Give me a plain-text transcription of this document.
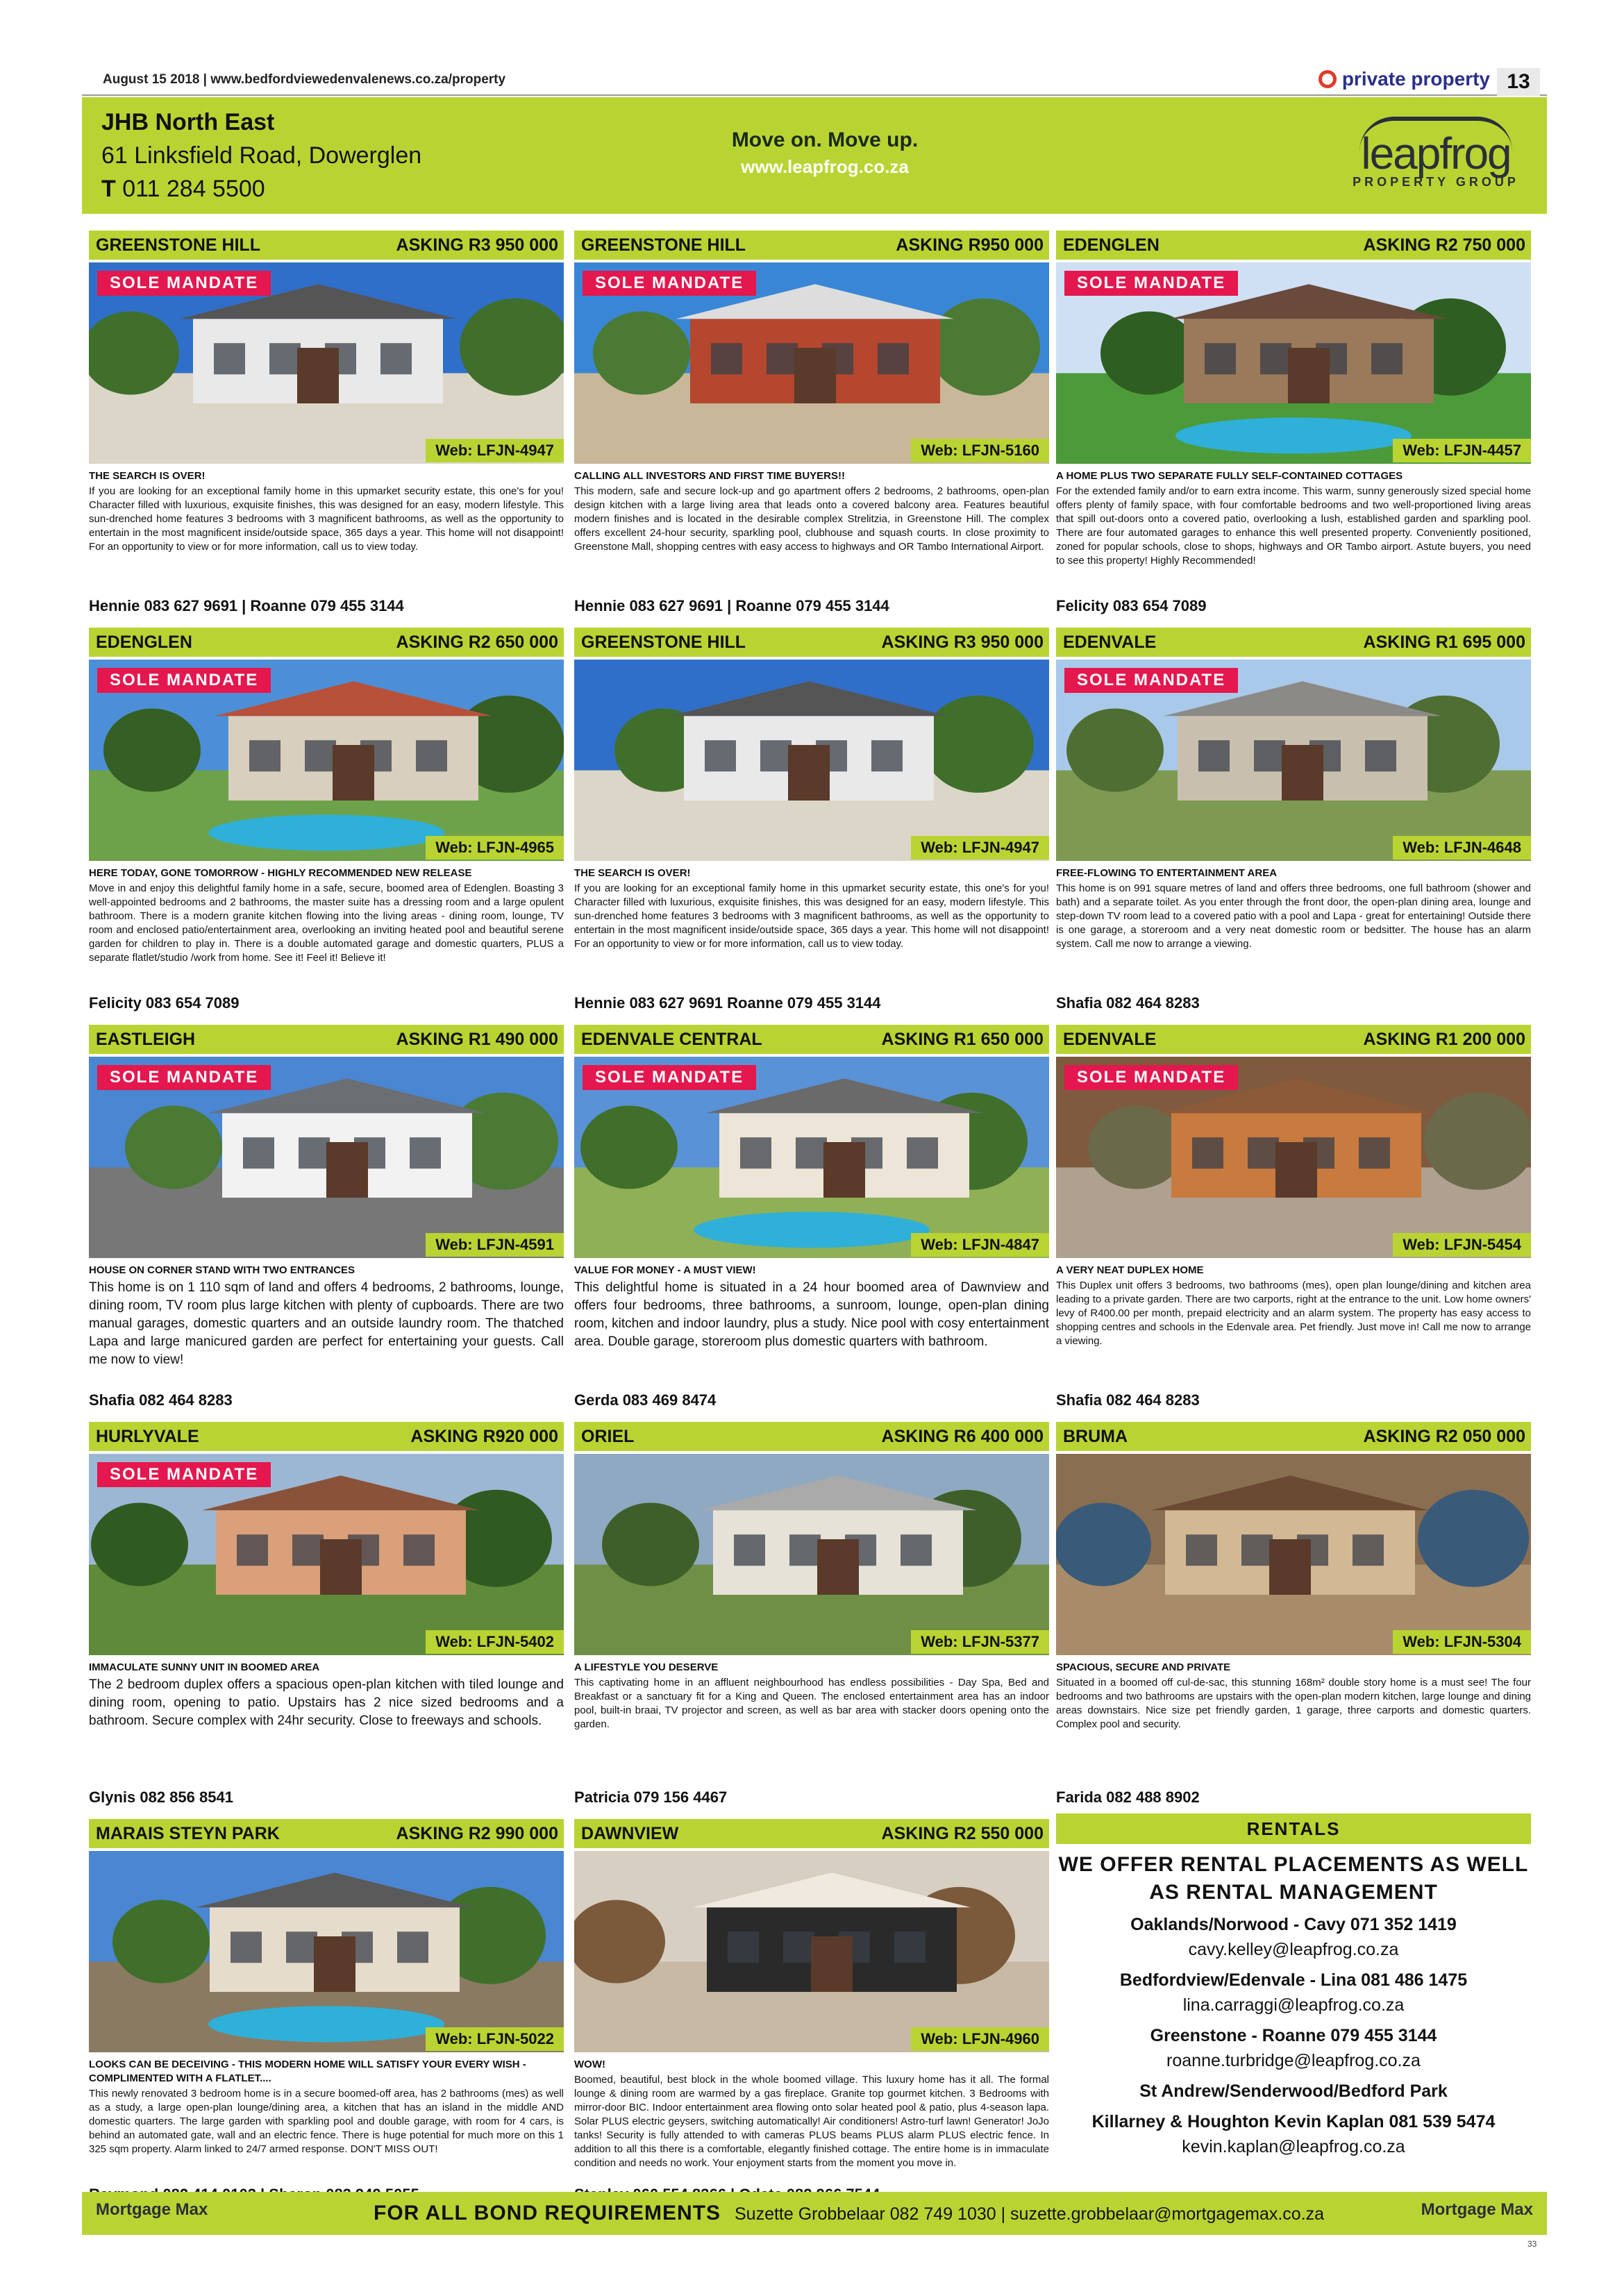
August 15 2018 | www.bedfordviewedenvalenews.co.za/property	private property 13
JHB North East
61 Linksfield Road, Dowerglen
T 011 284 5500
Move on. Move up.
www.leapfrog.co.za	leapfrog
PROPERTY GROUP
GREENSTONE HILL	ASKING R3 950 000
SOLE MANDATE
Web: LFJN-4947
THE SEARCH IS OVER!
If you are looking for an exceptional family home in this upmarket security estate, this one's for you! Character filled with luxurious, exquisite finishes, this was designed for an easy, modern lifestyle. This sun-drenched home features 3 bedrooms with 3 magnificent bathrooms, as well as the opportunity to entertain in the most magnificent inside/outside space, 365 days a year. This home will not disappoint! For an opportunity to view or for more information, call us to view today.
Hennie 083 627 9691 | Roanne 079 455 3144
GREENSTONE HILL	ASKING R950 000
SOLE MANDATE
Web: LFJN-5160
CALLING ALL INVESTORS AND FIRST TIME BUYERS!!
This modern, safe and secure lock-up and go apartment offers 2 bedrooms, 2 bathrooms, open-plan design kitchen with a large living area that leads onto a covered balcony area. Features beautiful modern finishes and is located in the desirable complex Strelitzia, in Greenstone Hill. The complex offers excellent 24-hour security, sparkling pool, clubhouse and squash courts. In close proximity to Greenstone Mall, shopping centres with easy access to highways and OR Tambo International Airport.
Hennie 083 627 9691 | Roanne 079 455 3144
EDENGLEN	ASKING R2 750 000
SOLE MANDATE
Web: LFJN-4457
A HOME PLUS TWO SEPARATE FULLY SELF-CONTAINED COTTAGES
For the extended family and/or to earn extra income. This warm, sunny generously sized special home offers plenty of family space, with four comfortable bedrooms and two well-proportioned living areas that spill out-doors onto a covered patio, overlooking a lush, established garden and sparkling pool. There are four automated garages to enhance this well presented property. Conveniently positioned, zoned for popular schools, close to shops, highways and OR Tambo airport. Astute buyers, you need to see this property! Highly Recommended!
Felicity 083 654 7089
EDENGLEN	ASKING R2 650 000
SOLE MANDATE
Web: LFJN-4965
HERE TODAY, GONE TOMORROW - HIGHLY RECOMMENDED NEW RELEASE
Move in and enjoy this delightful family home in a safe, secure, boomed area of Edenglen. Boasting 3 well-appointed bedrooms and 2 bathrooms, the master suite has a dressing room and a large opulent bathroom. There is a modern granite kitchen flowing into the living areas - dining room, lounge, TV room and enclosed patio/entertainment area, overlooking an inviting heated pool and beautiful serene garden for children to play in. There is a double automated garage and domestic quarters, PLUS a separate flatlet/studio /work from home. See it! Feel it! Believe it!
Felicity 083 654 7089
GREENSTONE HILL	ASKING R3 950 000
Web: LFJN-4947
THE SEARCH IS OVER!
If you are looking for an exceptional family home in this upmarket security estate, this one's for you! Character filled with luxurious, exquisite finishes, this was designed for an easy, modern lifestyle. This sun-drenched home features 3 bedrooms with 3 magnificent bathrooms, as well as the opportunity to entertain in the most magnificent inside/outside space, 365 days a year. This home will not disappoint! For an opportunity to view or for more information, call us to view today.
Hennie 083 627 9691 Roanne 079 455 3144
EDENVALE	ASKING R1 695 000
SOLE MANDATE
Web: LFJN-4648
FREE-FLOWING TO ENTERTAINMENT AREA
This home is on 991 square metres of land and offers three bedrooms, one full bathroom (shower and bath) and a separate toilet. As you enter through the front door, the open-plan dining area, lounge and step-down TV room lead to a covered patio with a pool and Lapa - great for entertaining! Outside there is one garage, a storeroom and a very neat domestic room or bedsitter. The house has an alarm system. Call me now to arrange a viewing.
Shafia 082 464 8283
EASTLEIGH	ASKING R1 490 000
SOLE MANDATE
Web: LFJN-4591
HOUSE ON CORNER STAND WITH TWO ENTRANCES
This home is on 1 110 sqm of land and offers 4 bedrooms, 2 bathrooms, lounge, dining room, TV room plus large kitchen with plenty of cupboards. There are two manual garages, domestic quarters and an outside laundry room. The thatched Lapa and large manicured garden are perfect for entertaining your guests. Call me now to view!
Shafia 082 464 8283
EDENVALE CENTRAL	ASKING R1 650 000
SOLE MANDATE
Web: LFJN-4847
VALUE FOR MONEY - A MUST VIEW!
This delightful home is situated in a 24 hour boomed area of Dawnview and offers four bedrooms, three bathrooms, a sunroom, lounge, open-plan dining room, kitchen and indoor laundry, plus a study. Nice pool with cosy entertainment area. Double garage, storeroom plus domestic quarters with bathroom.
Gerda 083 469 8474
EDENVALE	ASKING R1 200 000
SOLE MANDATE
Web: LFJN-5454
A VERY NEAT DUPLEX HOME
This Duplex unit offers 3 bedrooms, two bathrooms (mes), open plan lounge/dining and kitchen area leading to a private garden. There are two carports, right at the entrance to the unit. Low home owners' levy of R400.00 per month, prepaid electricity and an alarm system. The property has easy access to shopping centres and schools in the Edenvale area. Pet friendly. Just move in! Call me now to arrange a viewing.
Shafia 082 464 8283
HURLYVALE	ASKING R920 000
SOLE MANDATE
Web: LFJN-5402
IMMACULATE SUNNY UNIT IN BOOMED AREA
The 2 bedroom duplex offers a spacious open-plan kitchen with tiled lounge and dining room, opening to patio. Upstairs has 2 nice sized bedrooms and a bathroom. Secure complex with 24hr security. Close to freeways and schools.
Glynis 082 856 8541
ORIEL	ASKING R6 400 000
Web: LFJN-5377
A LIFESTYLE YOU DESERVE
This captivating home in an affluent neighbourhood has endless possibilities - Day Spa, Bed and Breakfast or a sanctuary fit for a King and Queen. The enclosed entertainment area has an indoor pool, built-in braai, TV projector and screen, as well as bar area with stacker doors opening onto the garden.
Patricia 079 156 4467
BRUMA	ASKING R2 050 000
Web: LFJN-5304
SPACIOUS, SECURE AND PRIVATE
Situated in a boomed off cul-de-sac, this stunning 168m² double story home is a must see! The four bedrooms and two bathrooms are upstairs with the open-plan modern kitchen, large lounge and dining areas downstairs. Nice size pet friendly garden, 1 garage, three carports and domestic quarters. Complex pool and security.
Farida 082 488 8902
MARAIS STEYN PARK	ASKING R2 990 000
Web: LFJN-5022
LOOKS CAN BE DECEIVING - THIS MODERN HOME WILL SATISFY YOUR EVERY WISH - COMPLIMENTED WITH A FLATLET....
This newly renovated 3 bedroom home is in a secure boomed-off area, has 2 bathrooms (mes) as well as a study, a large open-plan lounge/dining area, a kitchen that has an island in the middle AND domestic quarters. The large garden with sparkling pool and double garage, with room for 4 cars, is behind an automated gate, wall and an electric fence. There is huge potential for much more on this 1 325 sqm property. Alarm linked to 24/7 armed response. DON'T MISS OUT!
DAWNVIEW	ASKING R2 550 000
Web: LFJN-4960
WOW!
Boomed, beautiful, best block in the whole boomed village. This luxury home has it all. The formal lounge & dining room are warmed by a gas fireplace. Granite top gourmet kitchen. 3 Bedrooms with mirror-door BIC. Indoor entertainment area flowing onto solar heated pool & patio, plus 4-season lapa. Solar PLUS electric geysers, switching automatically! Air conditioners! Astro-turf lawn! Generator! JoJo tanks! Security is fully attended to with cameras PLUS beams PLUS alarm PLUS electric fence. In addition to all this there is a comfortable, elegantly finished cottage. The entire home is in immaculate condition and needs no work. Your enjoyment starts from the moment you move in.
RENTALS
WE OFFER RENTAL PLACEMENTS AS WELL
AS RENTAL MANAGEMENT
Oaklands/Norwood - Cavy 071 352 1419
cavy.kelley@leapfrog.co.za
Bedfordview/Edenvale - Lina 081 486 1475
lina.carraggi@leapfrog.co.za
Greenstone - Roanne 079 455 3144
roanne.turbridge@leapfrog.co.za
St Andrew/Senderwood/Bedford Park
Killarney & Houghton Kevin Kaplan 081 539 5474
kevin.kaplan@leapfrog.co.za
Mortgage Max	FOR ALL BOND REQUIREMENTS Suzette Grobbelaar 082 749 1030 | suzette.grobbelaar@mortgagemax.co.za	Mortgage Max
33
